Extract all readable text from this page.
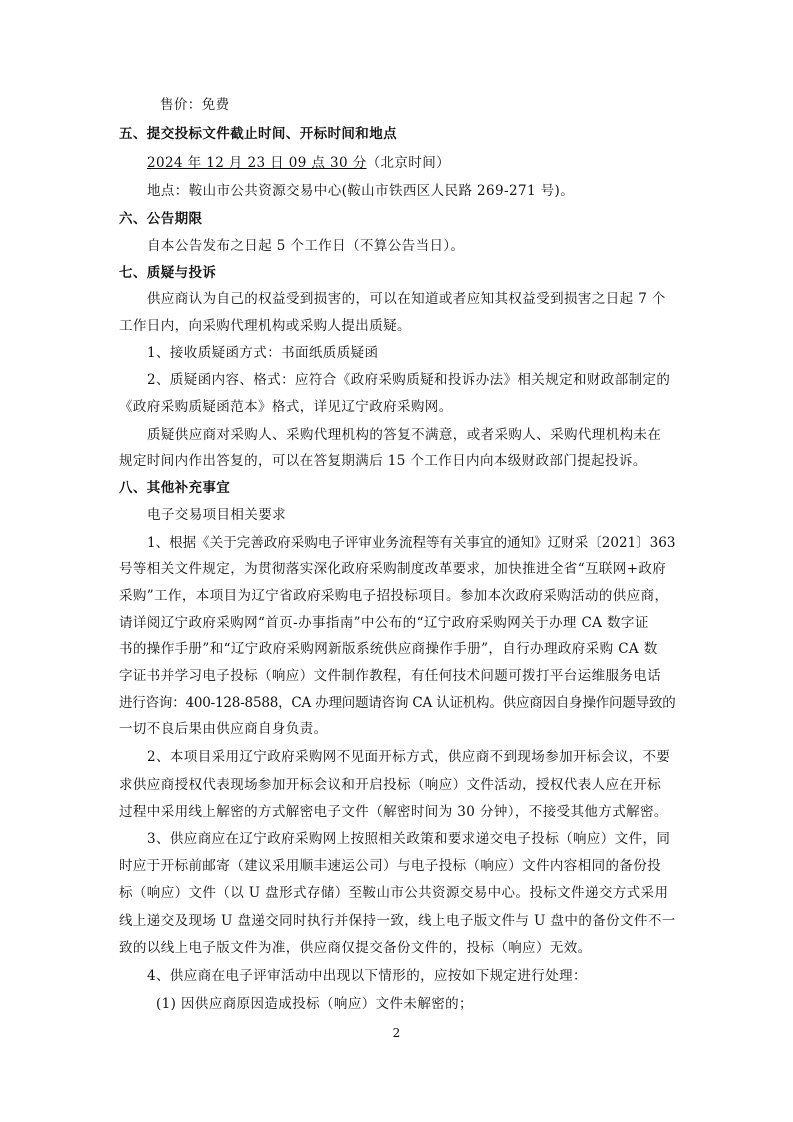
售价：免费
五、提交投标文件截止时间、开标时间和地点
2024 年 12 月 23 日 09 点 30 分（北京时间）
地点：鞍山市公共资源交易中心(鞍山市铁西区人民路 269-271 号)。
六、公告期限
自本公告发布之日起 5 个工作日（不算公告当日）。
七、质疑与投诉
供应商认为自己的权益受到损害的，可以在知道或者应知其权益受到损害之日起 7 个
工作日内，向采购代理机构或采购人提出质疑。
1、接收质疑函方式：书面纸质质疑函
2、质疑函内容、格式：应符合《政府采购质疑和投诉办法》相关规定和财政部制定的
《政府采购质疑函范本》格式，详见辽宁政府采购网。
质疑供应商对采购人、采购代理机构的答复不满意，或者采购人、采购代理机构未在
规定时间内作出答复的，可以在答复期满后 15 个工作日内向本级财政部门提起投诉。
八、其他补充事宜
电子交易项目相关要求
1、根据《关于完善政府采购电子评审业务流程等有关事宜的通知》辽财采〔2021〕363
号等相关文件规定，为贯彻落实深化政府采购制度改革要求，加快推进全省“互联网+政府
采购”工作，本项目为辽宁省政府采购电子招投标项目。参加本次政府采购活动的供应商，
请详阅辽宁政府采购网“首页-办事指南”中公布的“辽宁政府采购网关于办理 CA 数字证
书的操作手册”和“辽宁政府采购网新版系统供应商操作手册”，自行办理政府采购 CA 数
字证书并学习电子投标（响应）文件制作教程，有任何技术问题可拨打平台运维服务电话
进行咨询：400-128-8588，CA 办理问题请咨询 CA 认证机构。供应商因自身操作问题导致的
一切不良后果由供应商自身负责。
2、本项目采用辽宁政府采购网不见面开标方式，供应商不到现场参加开标会议，不要
求供应商授权代表现场参加开标会议和开启投标（响应）文件活动，授权代表人应在开标
过程中采用线上解密的方式解密电子文件（解密时间为 30 分钟），不接受其他方式解密。
3、供应商应在辽宁政府采购网上按照相关政策和要求递交电子投标（响应）文件，同
时应于开标前邮寄（建议采用顺丰速运公司）与电子投标（响应）文件内容相同的备份投
标（响应）文件（以 U 盘形式存储）至鞍山市公共资源交易中心。投标文件递交方式采用
线上递交及现场 U 盘递交同时执行并保持一致，线上电子版文件与 U 盘中的备份文件不一
致的以线上电子版文件为准，供应商仅提交备份文件的，投标（响应）无效。
4、供应商在电子评审活动中出现以下情形的，应按如下规定进行处理：
(1) 因供应商原因造成投标（响应）文件未解密的；
2
